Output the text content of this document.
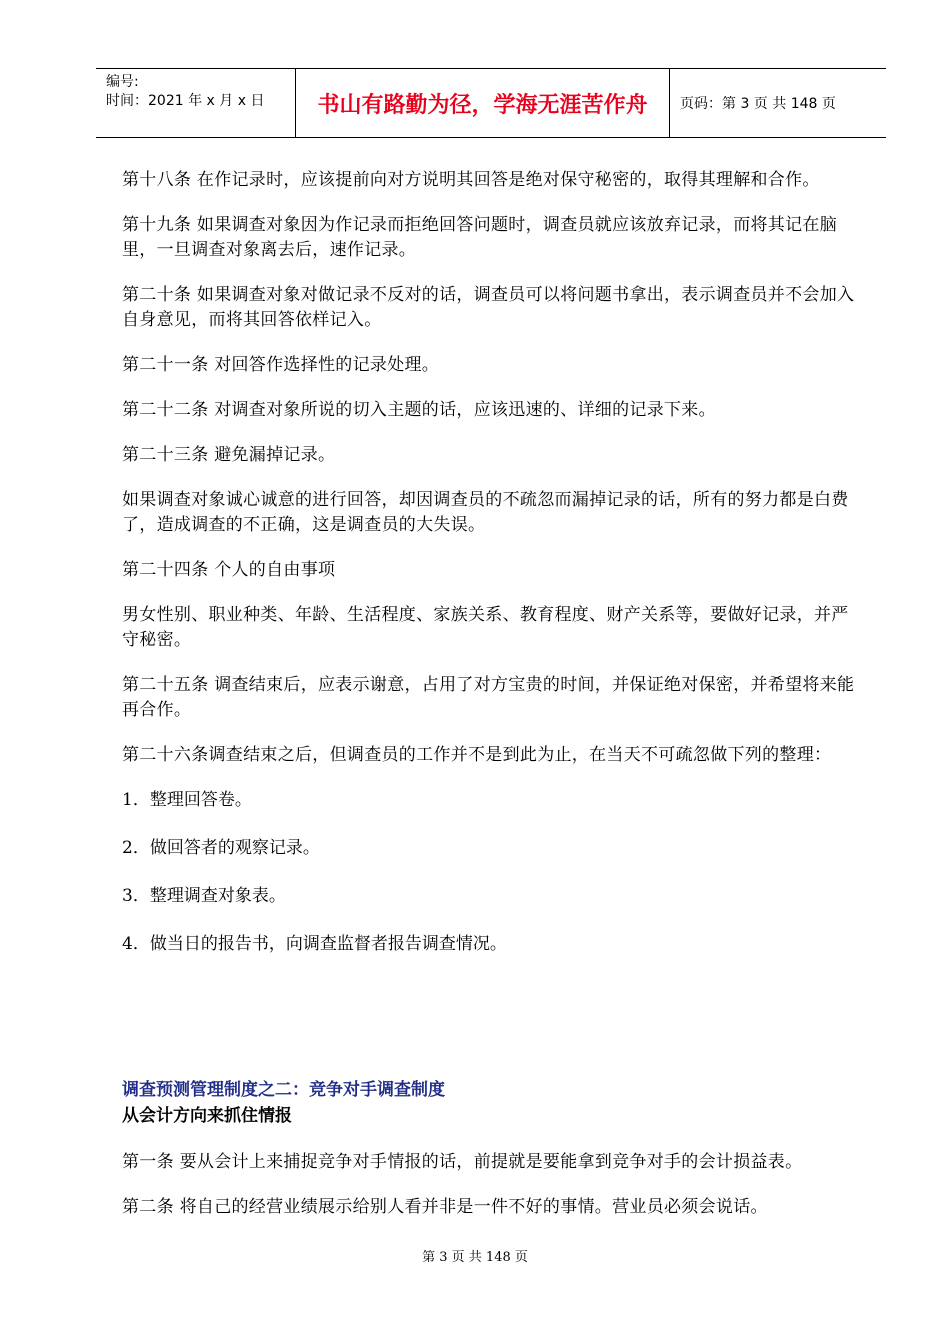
编号:
时间：2021 年 x 月 x 日	书山有路勤为径，学海无涯苦作舟	页码：第 3 页 共 148 页

第十八条 在作记录时，应该提前向对方说明其回答是绝对保守秘密的，取得其理解和合作。

第十九条 如果调查对象因为作记录而拒绝回答问题时，调查员就应该放弃记录，而将其记在脑里，一旦调查对象离去后，速作记录。

第二十条 如果调查对象对做记录不反对的话，调查员可以将问题书拿出，表示调查员并不会加入自身意见，而将其回答依样记入。

第二十一条 对回答作选择性的记录处理。

第二十二条 对调查对象所说的切入主题的话，应该迅速的、详细的记录下来。

第二十三条 避免漏掉记录。

如果调查对象诚心诚意的进行回答，却因调查员的不疏忽而漏掉记录的话，所有的努力都是白费了，造成调查的不正确，这是调查员的大失误。

第二十四条 个人的自由事项

男女性别、职业种类、年龄、生活程度、家族关系、教育程度、财产关系等，要做好记录，并严守秘密。

第二十五条 调查结束后，应表示谢意，占用了对方宝贵的时间，并保证绝对保密，并希望将来能再合作。

第二十六条调查结束之后，但调查员的工作并不是到此为止，在当天不可疏忽做下列的整理：

1．整理回答卷。

2．做回答者的观察记录。

3．整理调查对象表。

4．做当日的报告书，向调查监督者报告调查情况。

调查预测管理制度之二：竞争对手调查制度
从会计方向来抓住情报

第一条 要从会计上来捕捉竞争对手情报的话，前提就是要能拿到竞争对手的会计损益表。

第二条 将自己的经营业绩展示给别人看并非是一件不好的事情。营业员必须会说话。

第 3 页 共 148 页
